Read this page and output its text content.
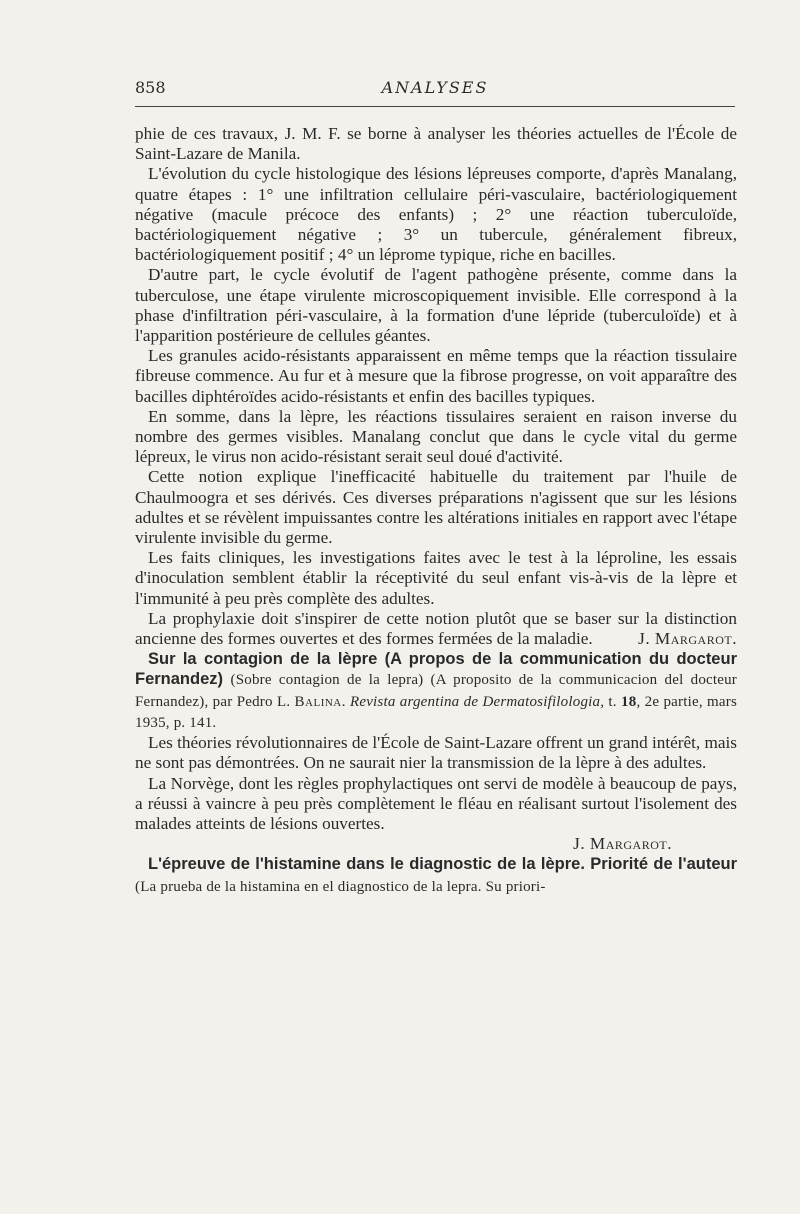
858	ANALYSES

phie de ces travaux, J. M. F. se borne à analyser les théories actuelles de l'École de Saint-Lazare de Manila.

L'évolution du cycle histologique des lésions lépreuses comporte, d'après Manalang, quatre étapes : 1° une infiltration cellulaire péri-vasculaire, bactériologiquement négative (macule précoce des enfants) ; 2° une réaction tuberculoïde, bactériologiquement négative ; 3° un tubercule, généralement fibreux, bactériologiquement positif ; 4° un léprome typique, riche en bacilles.

D'autre part, le cycle évolutif de l'agent pathogène présente, comme dans la tuberculose, une étape virulente microscopiquement invisible. Elle correspond à la phase d'infiltration péri-vasculaire, à la formation d'une lépride (tuberculoïde) et à l'apparition postérieure de cellules géantes.

Les granules acido-résistants apparaissent en même temps que la réaction tissulaire fibreuse commence. Au fur et à mesure que la fibrose progresse, on voit apparaître des bacilles diphtéroïdes acido-résistants et enfin des bacilles typiques.

En somme, dans la lèpre, les réactions tissulaires seraient en raison inverse du nombre des germes visibles. Manalang conclut que dans le cycle vital du germe lépreux, le virus non acido-résistant serait seul doué d'activité.

Cette notion explique l'inefficacité habituelle du traitement par l'huile de Chaulmoogra et ses dérivés. Ces diverses préparations n'agissent que sur les lésions adultes et se révèlent impuissantes contre les altérations initiales en rapport avec l'étape virulente invisible du germe.

Les faits cliniques, les investigations faites avec le test à la léproline, les essais d'inoculation semblent établir la réceptivité du seul enfant vis-à-vis de la lèpre et l'immunité à peu près complète des adultes.

La prophylaxie doit s'inspirer de cette notion plutôt que se baser sur la distinction ancienne des formes ouvertes et des formes fermées de la maladie.	J. Margarot.

Sur la contagion de la lèpre (A propos de la communication du docteur Fernandez) (Sobre contagion de la lepra) (A proposito de la communicacion del docteur Fernandez), par Pedro L. Balina. Revista argentina de Dermatosifilologia, t. 18, 2e partie, mars 1935, p. 141.

Les théories révolutionnaires de l'École de Saint-Lazare offrent un grand intérêt, mais ne sont pas démontrées. On ne saurait nier la transmission de la lèpre à des adultes.

La Norvège, dont les règles prophylactiques ont servi de modèle à beaucoup de pays, a réussi à vaincre à peu près complètement le fléau en réalisant surtout l'isolement des malades atteints de lésions ouvertes.

J. Margarot.

L'épreuve de l'histamine dans le diagnostic de la lèpre. Priorité de l'auteur (La prueba de la histamina en el diagnostico de la lepra. Su priori-
